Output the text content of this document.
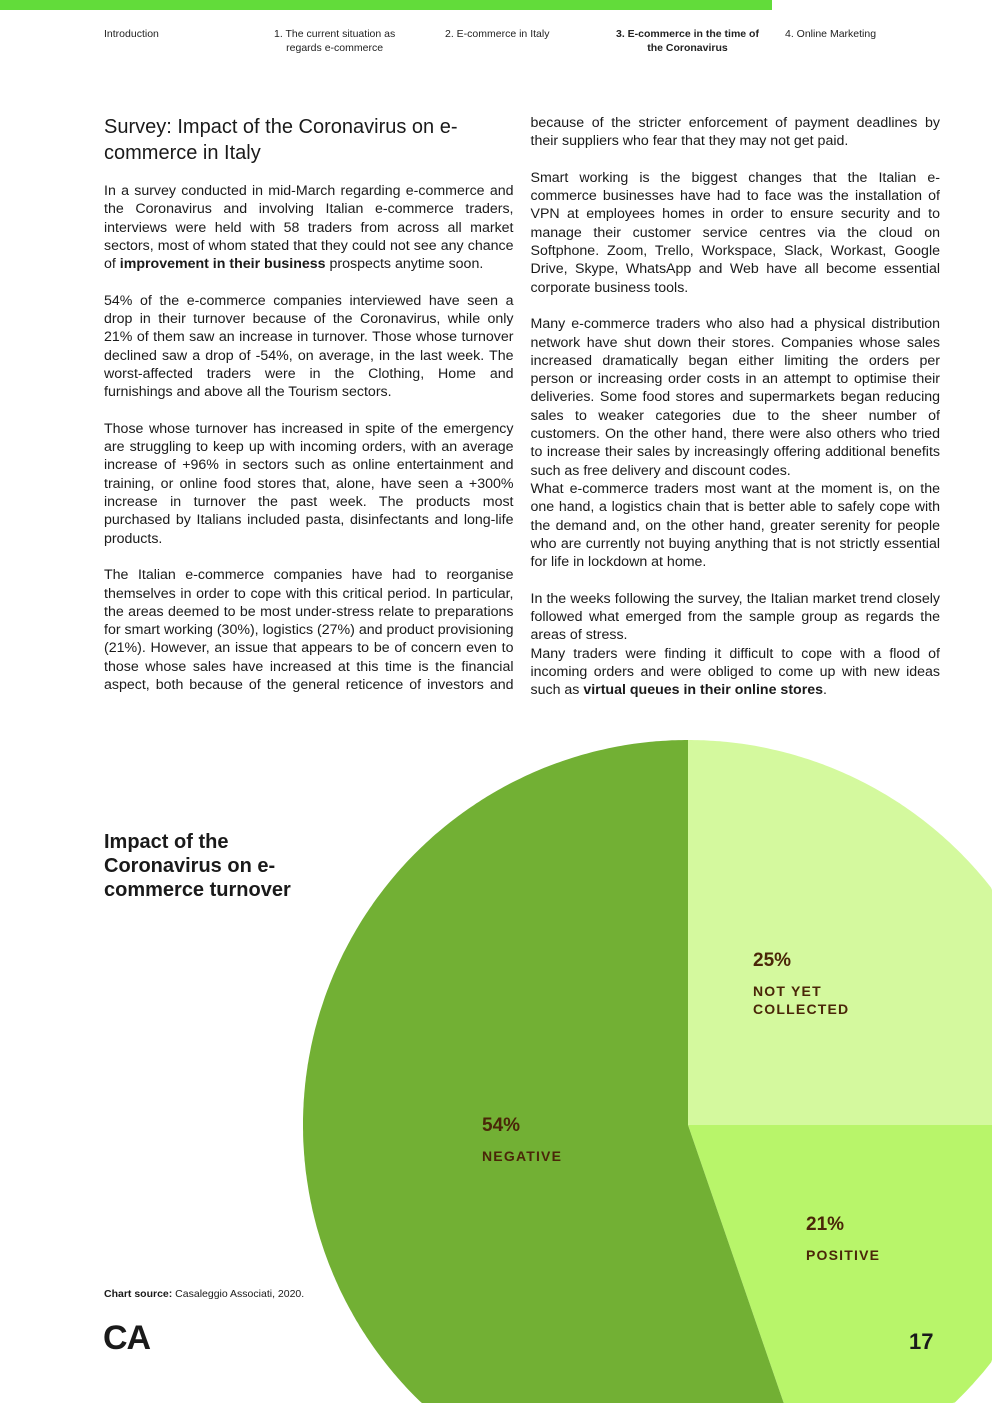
Introduction	1. The current situation as
regards e-commerce
2. E-commerce in Italy	3. E-commerce in the time of
the Coronavirus
4. Online Marketing
Survey: Impact of the Coronavirus on e-commerce in Italy

In a survey conducted in mid-March regarding e-commerce and the Coronavirus and involving Italian e-commerce traders, interviews were held with 58 traders from across all market sectors, most of whom stated that they could not see any chance of improvement in their business prospects anytime soon.

54% of the e-commerce companies interviewed have seen a drop in their turnover because of the Coronavirus, while only 21% of them saw an increase in turnover. Those whose turnover declined saw a drop of -54%, on average, in the last week. The worst-affected traders were in the Clothing, Home and furnishings and above all the Tourism sectors.

Those whose turnover has increased in spite of the emergency are struggling to keep up with incoming orders, with an average increase of +96% in sectors such as online entertainment and training, or online food stores that, alone, have seen a +300% increase in turnover the past week. The products most purchased by Italians included pasta, disinfectants and long-life products.

The Italian e-commerce companies have had to reorganise themselves in order to cope with this critical period. In particular, the areas deemed to be most under-stress relate to preparations for smart working (30%), logistics (27%) and product provisioning (21%). However, an issue that appears to be of concern even to those whose sales have increased at this time is the financial aspect, both because of the general reticence of investors and because of the stricter enforcement of payment deadlines by their suppliers who fear that they may not get paid.

Smart working is the biggest changes that the Italian e-commerce businesses have had to face was the installation of VPN at employees homes in order to ensure security and to manage their customer service centres via the cloud on Softphone. Zoom, Trello, Workspace, Slack, Workast, Google Drive, Skype, WhatsApp and Web have all become essential corporate business tools.

Many e-commerce traders who also had a physical distribution network have shut down their stores. Companies whose sales increased dramatically began either limiting the orders per person or increasing order costs in an attempt to optimise their deliveries. Some food stores and supermarkets began reducing sales to weaker categories due to the sheer number of customers. On the other hand, there were also others who tried to increase their sales by increasingly offering additional benefits such as free delivery and discount codes.

What e-commerce traders most want at the moment is, on the one hand, a logistics chain that is better able to safely cope with the demand and, on the other hand, greater serenity for people who are currently not buying anything that is not strictly essential for life in lockdown at home.

In the weeks following the survey, the Italian market trend closely followed what emerged from the sample group as regards the areas of stress.

Many traders were finding it difficult to cope with a flood of incoming orders and were obliged to come up with new ideas such as virtual queues in their online stores.

Impact of the Coronavirus on e-commerce turnover
25%
NOT YET COLLECTED
21%
POSITIVE
54%
NEGATIVE
Chart source: Casaleggio Associati, 2020.
CA	17
